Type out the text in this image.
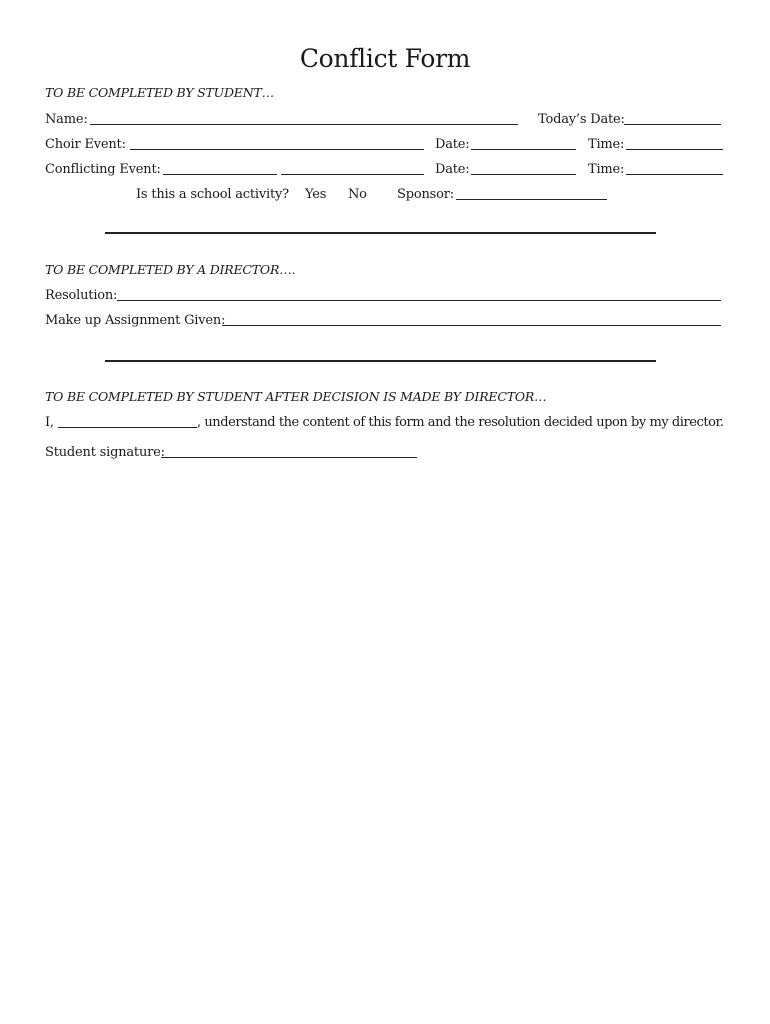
Conflict Form
TO BE COMPLETED BY STUDENT…
Name:	Today’s Date:
Choir Event:	Date:	Time:
Conflicting Event:	Date:	Time:
Is this a school activity? Yes No Sponsor:
TO BE COMPLETED BY A DIRECTOR….
Resolution:
Make up Assignment Given:
TO BE COMPLETED BY STUDENT AFTER DECISION IS MADE BY DIRECTOR…
I,	, understand the content of this form and the resolution decided upon by my director.
Student signature:
